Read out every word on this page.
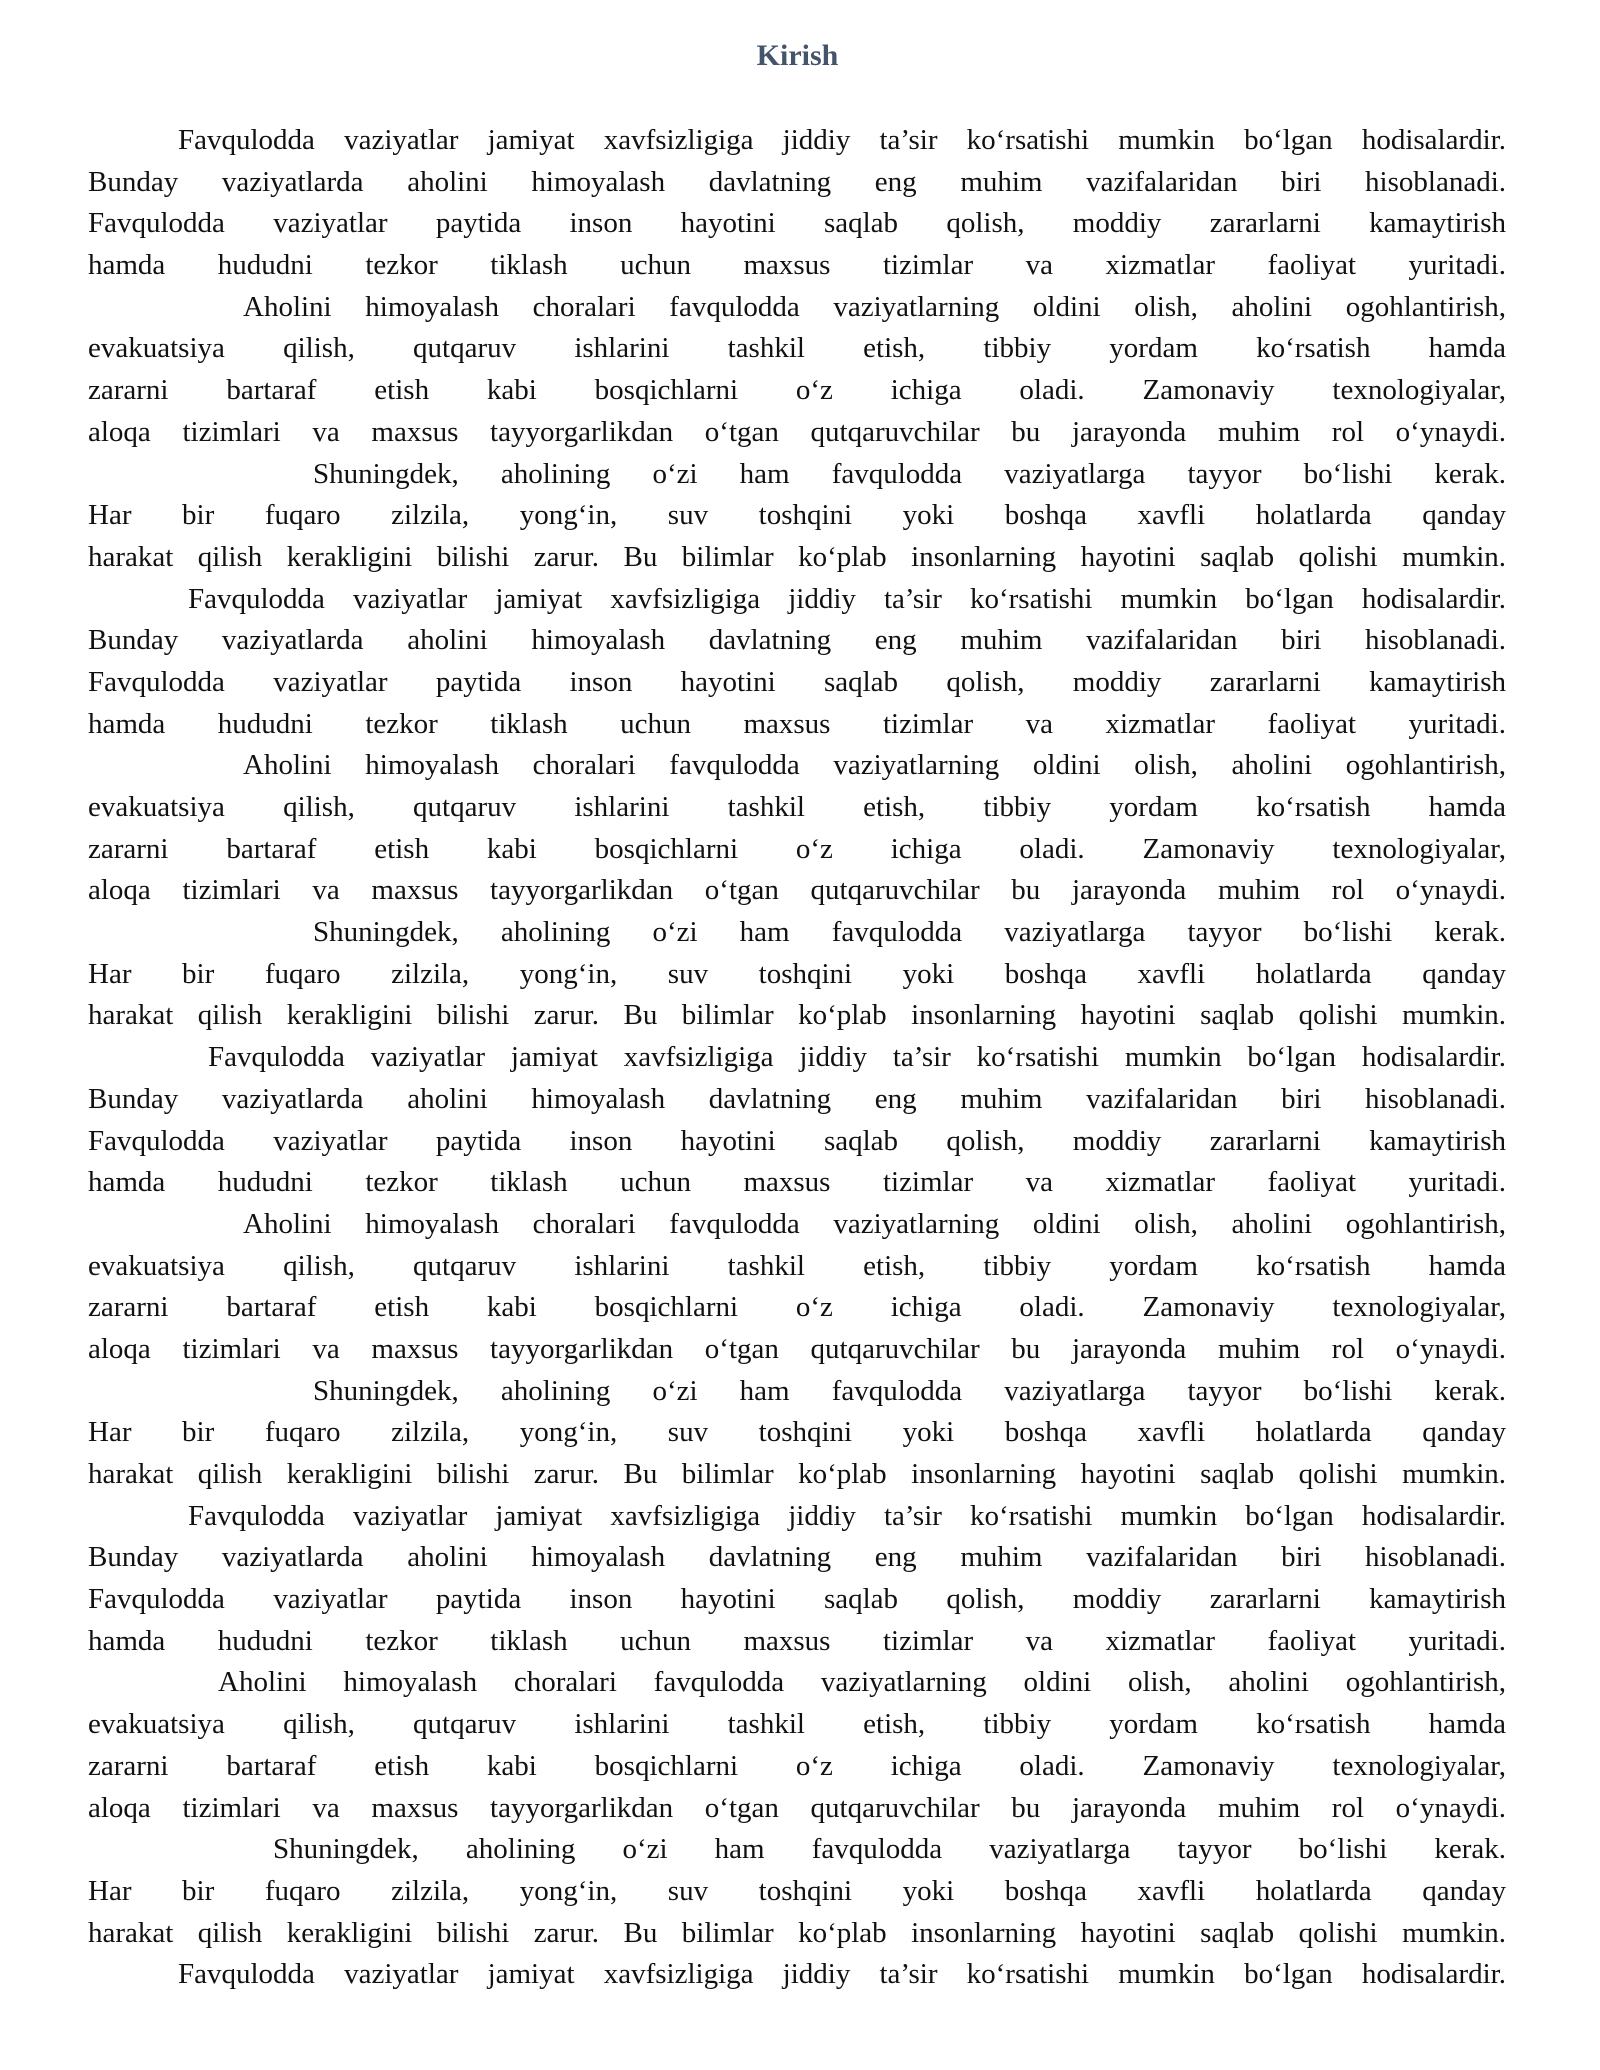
Kirish
Favqulodda vaziyatlar jamiyat xavfsizligiga jiddiy ta’sir koʻrsatishi mumkin boʻlgan hodisalardir.
Bunday vaziyatlarda aholini himoyalash davlatning eng muhim vazifalaridan biri hisoblanadi.
Favqulodda vaziyatlar paytida inson hayotini saqlab qolish, moddiy zararlarni kamaytirish
hamda hududni tezkor tiklash uchun maxsus tizimlar va xizmatlar faoliyat yuritadi.
Aholini himoyalash choralari favqulodda vaziyatlarning oldini olish, aholini ogohlantirish,
evakuatsiya qilish, qutqaruv ishlarini tashkil etish, tibbiy yordam koʻrsatish hamda
zararni bartaraf etish kabi bosqichlarni oʻz ichiga oladi. Zamonaviy texnologiyalar,
aloqa tizimlari va maxsus tayyorgarlikdan oʻtgan qutqaruvchilar bu jarayonda muhim rol oʻynaydi.
Shuningdek, aholining oʻzi ham favqulodda vaziyatlarga tayyor boʻlishi kerak.
Har bir fuqaro zilzila, yongʻin, suv toshqini yoki boshqa xavfli holatlarda qanday
harakat qilish kerakligini bilishi zarur. Bu bilimlar koʻplab insonlarning hayotini saqlab qolishi mumkin.
Favqulodda vaziyatlar jamiyat xavfsizligiga jiddiy ta’sir koʻrsatishi mumkin boʻlgan hodisalardir.
Bunday vaziyatlarda aholini himoyalash davlatning eng muhim vazifalaridan biri hisoblanadi.
Favqulodda vaziyatlar paytida inson hayotini saqlab qolish, moddiy zararlarni kamaytirish
hamda hududni tezkor tiklash uchun maxsus tizimlar va xizmatlar faoliyat yuritadi.
Aholini himoyalash choralari favqulodda vaziyatlarning oldini olish, aholini ogohlantirish,
evakuatsiya qilish, qutqaruv ishlarini tashkil etish, tibbiy yordam koʻrsatish hamda
zararni bartaraf etish kabi bosqichlarni oʻz ichiga oladi. Zamonaviy texnologiyalar,
aloqa tizimlari va maxsus tayyorgarlikdan oʻtgan qutqaruvchilar bu jarayonda muhim rol oʻynaydi.
Shuningdek, aholining oʻzi ham favqulodda vaziyatlarga tayyor boʻlishi kerak.
Har bir fuqaro zilzila, yongʻin, suv toshqini yoki boshqa xavfli holatlarda qanday
harakat qilish kerakligini bilishi zarur. Bu bilimlar koʻplab insonlarning hayotini saqlab qolishi mumkin.
Favqulodda vaziyatlar jamiyat xavfsizligiga jiddiy ta’sir koʻrsatishi mumkin boʻlgan hodisalardir.
Bunday vaziyatlarda aholini himoyalash davlatning eng muhim vazifalaridan biri hisoblanadi.
Favqulodda vaziyatlar paytida inson hayotini saqlab qolish, moddiy zararlarni kamaytirish
hamda hududni tezkor tiklash uchun maxsus tizimlar va xizmatlar faoliyat yuritadi.
Aholini himoyalash choralari favqulodda vaziyatlarning oldini olish, aholini ogohlantirish,
evakuatsiya qilish, qutqaruv ishlarini tashkil etish, tibbiy yordam koʻrsatish hamda
zararni bartaraf etish kabi bosqichlarni oʻz ichiga oladi. Zamonaviy texnologiyalar,
aloqa tizimlari va maxsus tayyorgarlikdan oʻtgan qutqaruvchilar bu jarayonda muhim rol oʻynaydi.
Shuningdek, aholining oʻzi ham favqulodda vaziyatlarga tayyor boʻlishi kerak.
Har bir fuqaro zilzila, yongʻin, suv toshqini yoki boshqa xavfli holatlarda qanday
harakat qilish kerakligini bilishi zarur. Bu bilimlar koʻplab insonlarning hayotini saqlab qolishi mumkin.
Favqulodda vaziyatlar jamiyat xavfsizligiga jiddiy ta’sir koʻrsatishi mumkin boʻlgan hodisalardir.
Bunday vaziyatlarda aholini himoyalash davlatning eng muhim vazifalaridan biri hisoblanadi.
Favqulodda vaziyatlar paytida inson hayotini saqlab qolish, moddiy zararlarni kamaytirish
hamda hududni tezkor tiklash uchun maxsus tizimlar va xizmatlar faoliyat yuritadi.
Aholini himoyalash choralari favqulodda vaziyatlarning oldini olish, aholini ogohlantirish,
evakuatsiya qilish, qutqaruv ishlarini tashkil etish, tibbiy yordam koʻrsatish hamda
zararni bartaraf etish kabi bosqichlarni oʻz ichiga oladi. Zamonaviy texnologiyalar,
aloqa tizimlari va maxsus tayyorgarlikdan oʻtgan qutqaruvchilar bu jarayonda muhim rol oʻynaydi.
Shuningdek, aholining oʻzi ham favqulodda vaziyatlarga tayyor boʻlishi kerak.
Har bir fuqaro zilzila, yongʻin, suv toshqini yoki boshqa xavfli holatlarda qanday
harakat qilish kerakligini bilishi zarur. Bu bilimlar koʻplab insonlarning hayotini saqlab qolishi mumkin.
Favqulodda vaziyatlar jamiyat xavfsizligiga jiddiy ta’sir koʻrsatishi mumkin boʻlgan hodisalardir.
